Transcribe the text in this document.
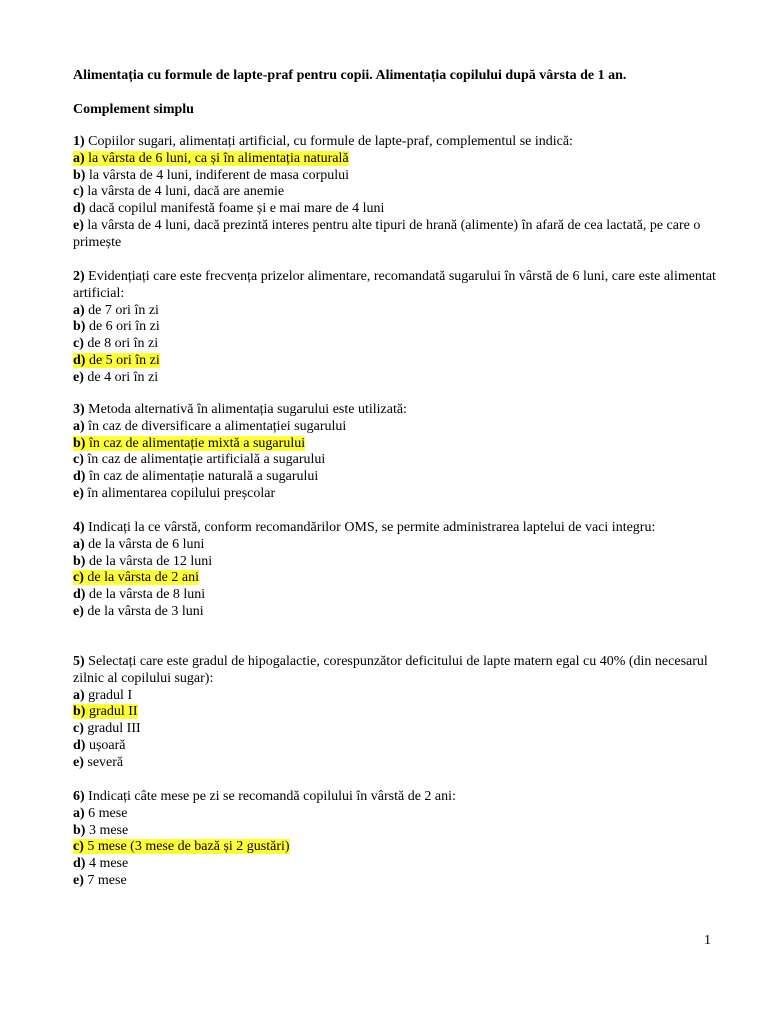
Alimentația cu formule de lapte-praf pentru copii. Alimentația copilului după vârsta de 1 an.
Complement simplu

1) Copiilor sugari, alimentați artificial, cu formule de lapte-praf, complementul se indică:

a) la vârsta de 6 luni, ca și în alimentația naturală

b) la vârsta de 4 luni, indiferent de masa corpului

c) la vârsta de 4 luni, dacă are anemie

d) dacă copilul manifestă foame și e mai mare de 4 luni

e) la vârsta de 4 luni, dacă prezintă interes pentru alte tipuri de hrană (alimente) în afară de cea lactată, pe care o primește

2) Evidențiați care este frecvența prizelor alimentare, recomandată sugarului în vârstă de 6 luni, care este alimentat artificial:

a) de 7 ori în zi

b) de 6 ori în zi

c) de 8 ori în zi

d) de 5 ori în zi

e) de 4 ori în zi

3) Metoda alternativă în alimentația sugarului este utilizată:

a) în caz de diversificare a alimentației sugarului

b) în caz de alimentație mixtă a sugarului

c) în caz de alimentație artificială a sugarului

d) în caz de alimentație naturală a sugarului

e) în alimentarea copilului preșcolar

4) Indicați la ce vârstă, conform recomandărilor OMS, se permite administrarea laptelui de vaci integru:

a) de la vârsta de 6 luni

b) de la vârsta de 12 luni

c) de la vârsta de 2 ani

d) de la vârsta de 8 luni

e) de la vârsta de 3 luni

5) Selectați care este gradul de hipogalactie, corespunzător deficitului de lapte matern egal cu 40% (din necesarul zilnic al copilului sugar):

a) gradul I

b) gradul II

c) gradul III

d) ușoară

e) severă

6) Indicați câte mese pe zi se recomandă copilului în vârstă de 2 ani:

a) 6 mese

b) 3 mese

c) 5 mese (3 mese de bază și 2 gustări)

d) 4 mese

e) 7 mese

1
